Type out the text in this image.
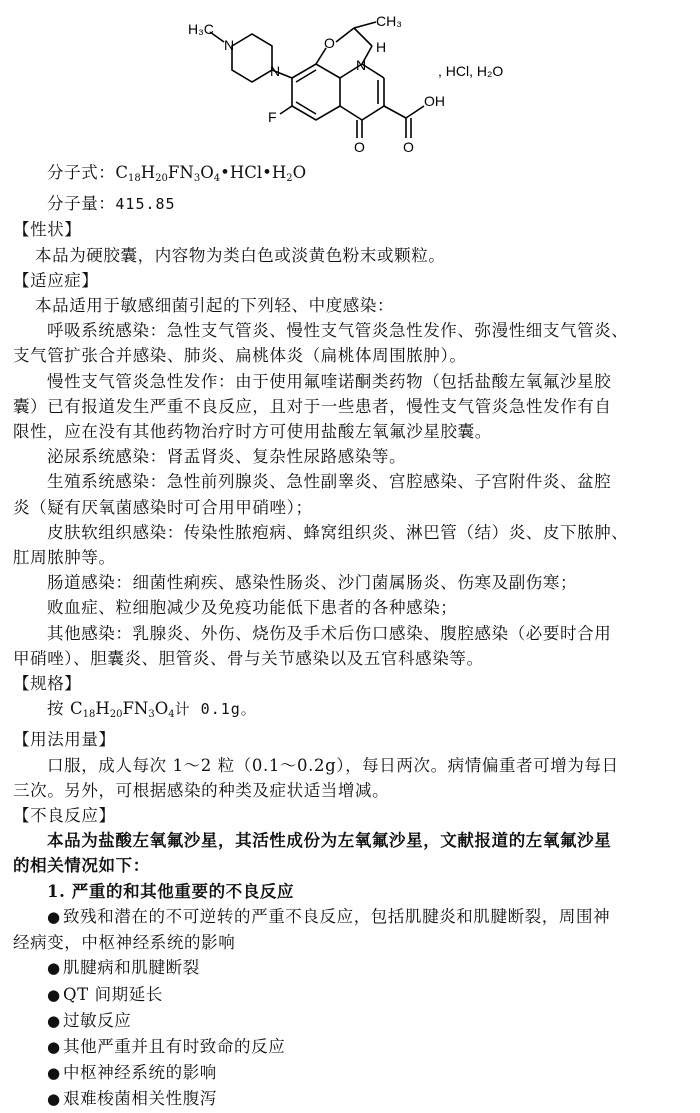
H₃C
N
N
O
CH₃
H
N
F
O
OH
O
, HCl, H₂O

分子式：$C_{18}H_{20}FN_3O_4•HCl•H_2O$

分子量：415.85

【性状】

本品为硬胶囊，内容物为类白色或淡黄色粉末或颗粒。

【适应症】

本品适用于敏感细菌引起的下列轻、中度感染：

呼吸系统感染：急性支气管炎、慢性支气管炎急性发作、弥漫性细支气管炎、

支气管扩张合并感染、肺炎、扁桃体炎（扁桃体周围脓肿）。

慢性支气管炎急性发作：由于使用氟喹诺酮类药物（包括盐酸左氧氟沙星胶

囊）已有报道发生严重不良反应，且对于一些患者，慢性支气管炎急性发作有自

限性，应在没有其他药物治疗时方可使用盐酸左氧氟沙星胶囊。

泌尿系统感染：肾盂肾炎、复杂性尿路感染等。

生殖系统感染：急性前列腺炎、急性副睾炎、宫腔感染、子宫附件炎、盆腔

炎（疑有厌氧菌感染时可合用甲硝唑）；

皮肤软组织感染：传染性脓疱病、蜂窝组织炎、淋巴管（结）炎、皮下脓肿、

肛周脓肿等。

肠道感染：细菌性痢疾、感染性肠炎、沙门菌属肠炎、伤寒及副伤寒；

败血症、粒细胞减少及免疫功能低下患者的各种感染；

其他感染：乳腺炎、外伤、烧伤及手术后伤口感染、腹腔感染（必要时合用

甲硝唑）、胆囊炎、胆管炎、骨与关节感染以及五官科感染等。

【规格】

按 $C_{18}H_{20}FN_3O_4$计 0.1g。

【用法用量】

口服，成人每次 1～2 粒（0.1～0.2g），每日两次。病情偏重者可增为每日

三次。另外，可根据感染的种类及症状适当增减。

【不良反应】

本品为盐酸左氧氟沙星，其活性成份为左氧氟沙星，文献报道的左氧氟沙星

的相关情况如下：

1. 严重的和其他重要的不良反应

● 致残和潜在的不可逆转的严重不良反应，包括肌腱炎和肌腱断裂，周围神

经病变，中枢神经系统的影响

● 肌腱病和肌腱断裂

● QT 间期延长

● 过敏反应

● 其他严重并且有时致命的反应

● 中枢神经系统的影响

● 艰难梭菌相关性腹泻
